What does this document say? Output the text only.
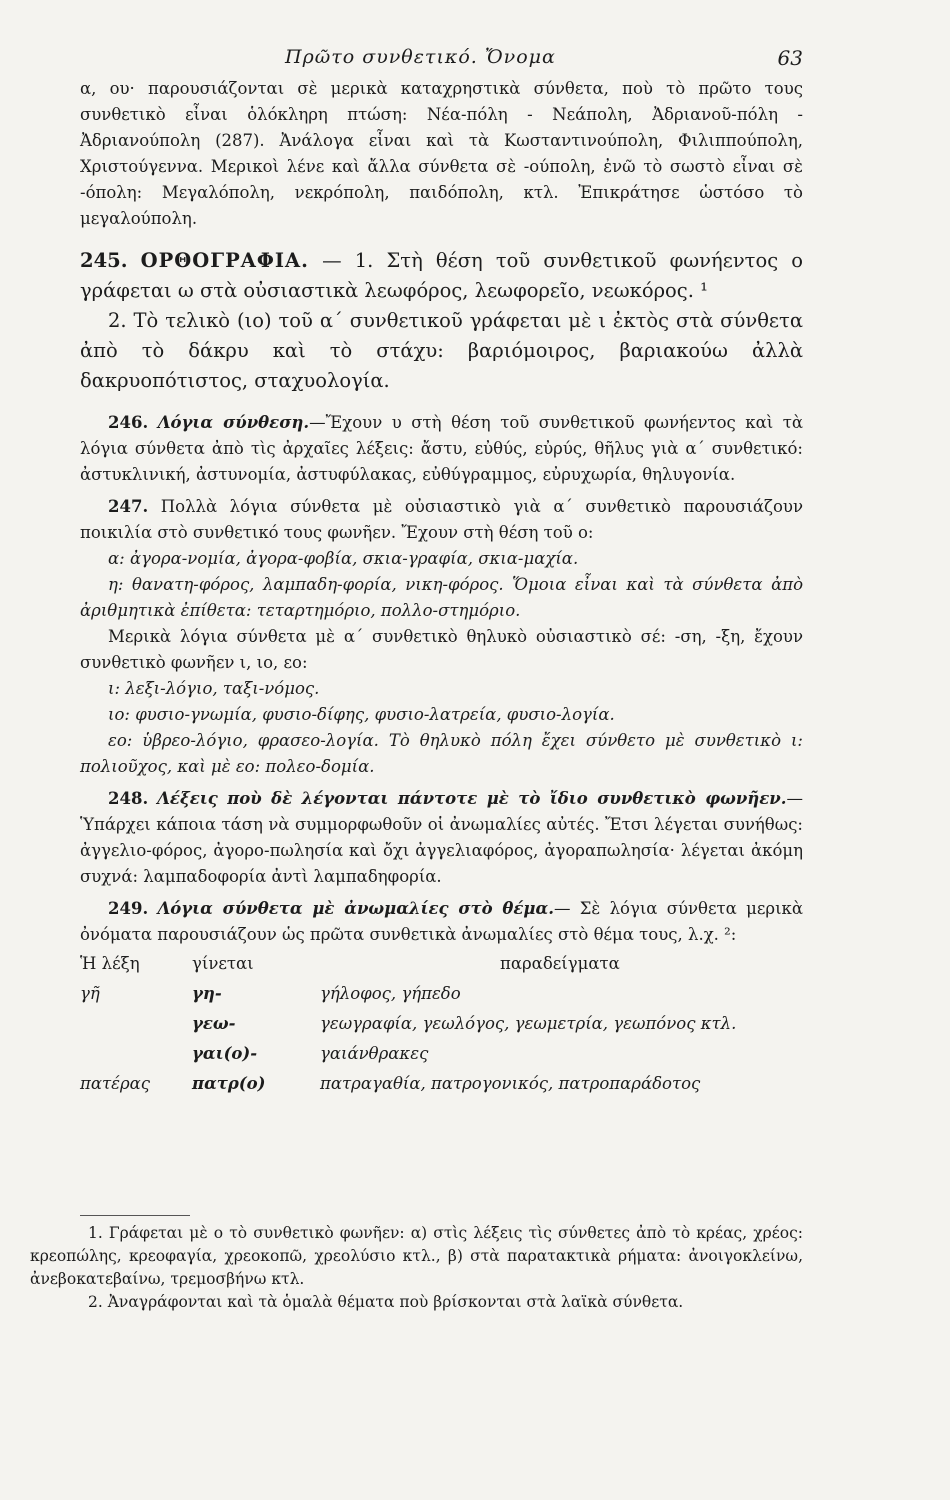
Πρῶτο συνθετικό. Ὄνομα	63

α, ου· παρουσιάζονται σὲ μερικὰ καταχρηστικὰ σύνθετα, ποὺ τὸ πρῶτο τους συνθετικὸ εἶναι ὁλόκληρη πτώση: Νέα-πόλη - Νεάπολη, Ἀδριανοῦ-πόλη - Ἀδριανούπολη (287). Ἀνάλογα εἶναι καὶ τὰ Κωσταντινούπολη, Φιλιππούπολη, Χριστούγεννα. Μερικοὶ λένε καὶ ἄλλα σύνθετα σὲ -ούπολη, ἐνῶ τὸ σωστὸ εἶναι σὲ -όπολη: Μεγαλόπολη, νεκρόπολη, παιδόπολη, κτλ. Ἐπικράτησε ὡστόσο τὸ μεγαλούπολη.

245. ΟΡΘΟΓΡΑΦΙΑ. — 1. Στὴ θέση τοῦ συνθετικοῦ φωνήεντος ο γράφεται ω στὰ οὐσιαστικὰ λεωφόρος, λεωφορεῖο, νεωκόρος. ¹

2. Τὸ τελικὸ (ιο) τοῦ α΄ συνθετικοῦ γράφεται μὲ ι ἐκτὸς στὰ σύνθετα ἀπὸ τὸ δάκρυ καὶ τὸ στάχυ: βαριόμοιρος, βαριακούω ἀλλὰ δακρυοπότιστος, σταχυολογία.

246. Λόγια σύνθεση.—Ἔχουν υ στὴ θέση τοῦ συνθετικοῦ φωνήεντος καὶ τὰ λόγια σύνθετα ἀπὸ τὶς ἀρχαῖες λέξεις: ἄστυ, εὐθύς, εὐρύς, θῆλυς γιὰ α΄ συνθετικό: ἀστυκλινική, ἀστυνομία, ἀστυφύλακας, εὐθύγραμμος, εὐρυχωρία, θηλυγονία.

247. Πολλὰ λόγια σύνθετα μὲ οὐσιαστικὸ γιὰ α΄ συνθετικὸ παρουσιάζουν ποικιλία στὸ συνθετικό τους φωνῆεν. Ἔχουν στὴ θέση τοῦ ο:

α: ἀγορα-νομία, ἀγορα-φοβία, σκια-γραφία, σκια-μαχία.

η: θανατη-φόρος, λαμπαδη-φορία, νικη-φόρος. Ὅμοια εἶναι καὶ τὰ σύνθετα ἀπὸ ἀριθμητικὰ ἐπίθετα: τεταρτημόριο, πολλο-στημόριο.

Μερικὰ λόγια σύνθετα μὲ α΄ συνθετικὸ θηλυκὸ οὐσιαστικὸ σέ: -ση, -ξη, ἔχουν συνθετικὸ φωνῆεν ι, ιο, εο:

ι: λεξι-λόγιο, ταξι-νόμος.

ιο: φυσιο-γνωμία, φυσιο-δίφης, φυσιο-λατρεία, φυσιο-λογία.

εο: ὑβρεο-λόγιο, φρασεο-λογία. Τὸ θηλυκὸ πόλη ἔχει σύνθετο μὲ συνθετικὸ ι: πολιοῦχος, καὶ μὲ εο: πολεο-δομία.

248. Λέξεις ποὺ δὲ λέγονται πάντοτε μὲ τὸ ἴδιο συνθετικὸ φωνῆεν.— Ὑπάρχει κάποια τάση νὰ συμμορφωθοῦν οἱ ἀνωμαλίες αὐτές. Ἔτσι λέγεται συνήθως: ἀγγελιο-φόρος, ἀγορο-πωλησία καὶ ὄχι ἀγγελιαφόρος, ἀγοραπωλησία· λέγεται ἀκόμη συχνά: λαμπαδοφορία ἀντὶ λαμπαδηφορία.

249. Λόγια σύνθετα μὲ ἀνωμαλίες στὸ θέμα.— Σὲ λόγια σύνθετα μερικὰ ὀνόματα παρουσιάζουν ὡς πρῶτα συνθετικὰ ἀνωμαλίες στὸ θέμα τους, λ.χ. ²:

Ἡ λέξη	γίνεται	παραδείγματα
γῆ	γη-	γήλοφος, γήπεδο
	γεω-	γεωγραφία, γεωλόγος, γεωμετρία, γεωπόνος κτλ.
	γαι(ο)-	γαιάνθρακες
πατέρας	πατρ(ο)	πατραγαθία, πατρογονικός, πατροπαράδοτος

1. Γράφεται μὲ ο τὸ συνθετικὸ φωνῆεν: α) στὶς λέξεις τὶς σύνθετες ἀπὸ τὸ κρέας, χρέος: κρεοπώλης, κρεοφαγία, χρεοκοπῶ, χρεολύσιο κτλ., β) στὰ παρατακτικὰ ρήματα: ἀνοιγοκλείνω, ἀνεβοκατεβαίνω, τρεμοσβήνω κτλ.

2. Ἀναγράφονται καὶ τὰ ὁμαλὰ θέματα ποὺ βρίσκονται στὰ λαϊκὰ σύνθετα.
